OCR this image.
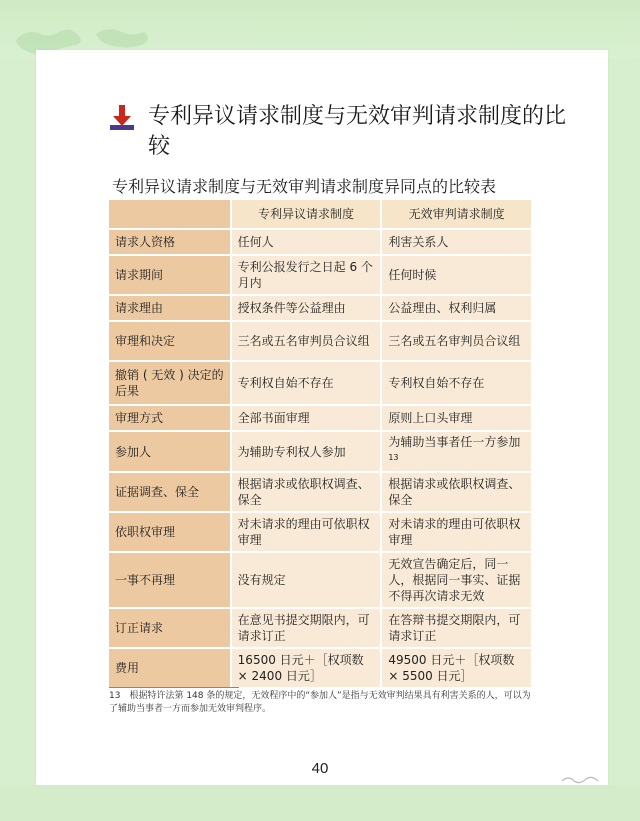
专利异议请求制度与无效审判请求制度的比较
专利异议请求制度与无效审判请求制度异同点的比较表
	专利异议请求制度	无效审判请求制度
请求人资格	任何人	利害关系人
请求期间	专利公报发行之日起 6 个月内	任何时候
请求理由	授权条件等公益理由	公益理由、权利归属
审理和决定	三名或五名审判员合议组	三名或五名审判员合议组
撤销 ( 无效 ) 决定的后果	专利权自始不存在	专利权自始不存在
审理方式	全部书面审理	原则上口头审理
参加人	为辅助专利权人参加	为辅助当事者任一方参加$^{13}$
证据调查、保全	根据请求或依职权调查、保全	根据请求或依职权调查、保全
依职权审理	对未请求的理由可依职权审理	对未请求的理由可依职权审理
一事不再理	没有规定	无效宣告确定后，同一人，根据同一事实、证据不得再次请求无效
订正请求	在意见书提交期限内，可请求订正	在答辩书提交期限内，可请求订正
费用	16500 日元＋［权项数 × 2400 日元］	49500 日元＋［权项数 × 5500 日元］
13　根据特许法第 148 条的规定，无效程序中的“参加人”是指与无效审判结果具有利害关系的人，可以为了辅助当事者一方而参加无效审判程序。
40
